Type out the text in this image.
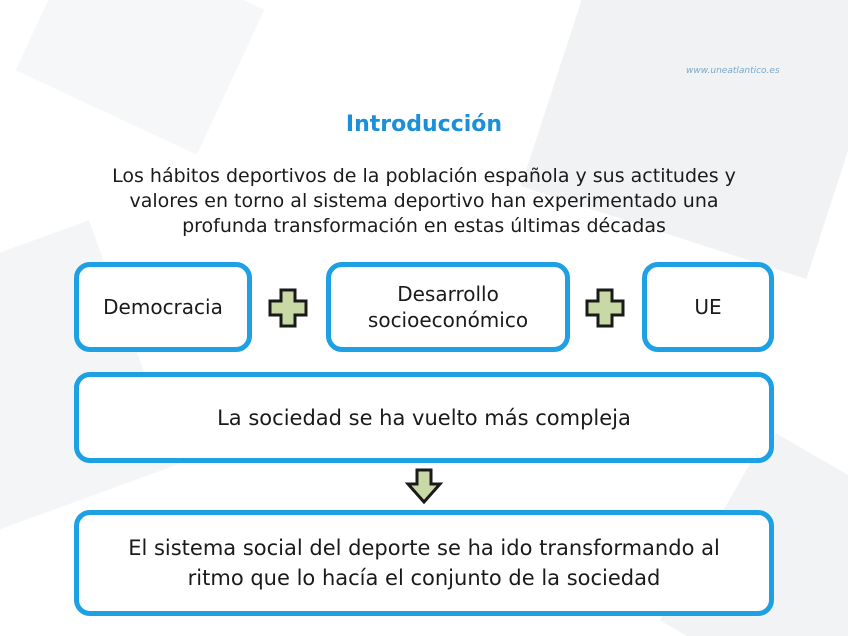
www.uneatlantico.es
Introducción
Los hábitos deportivos de la población española y sus actitudes y valores en torno al sistema deportivo han experimentado una profunda transformación en estas últimas décadas
Democracia
Desarrollo socioeconómico
UE
La sociedad se ha vuelto más compleja
El sistema social del deporte se ha ido transformando al ritmo que lo hacía el conjunto de la sociedad
